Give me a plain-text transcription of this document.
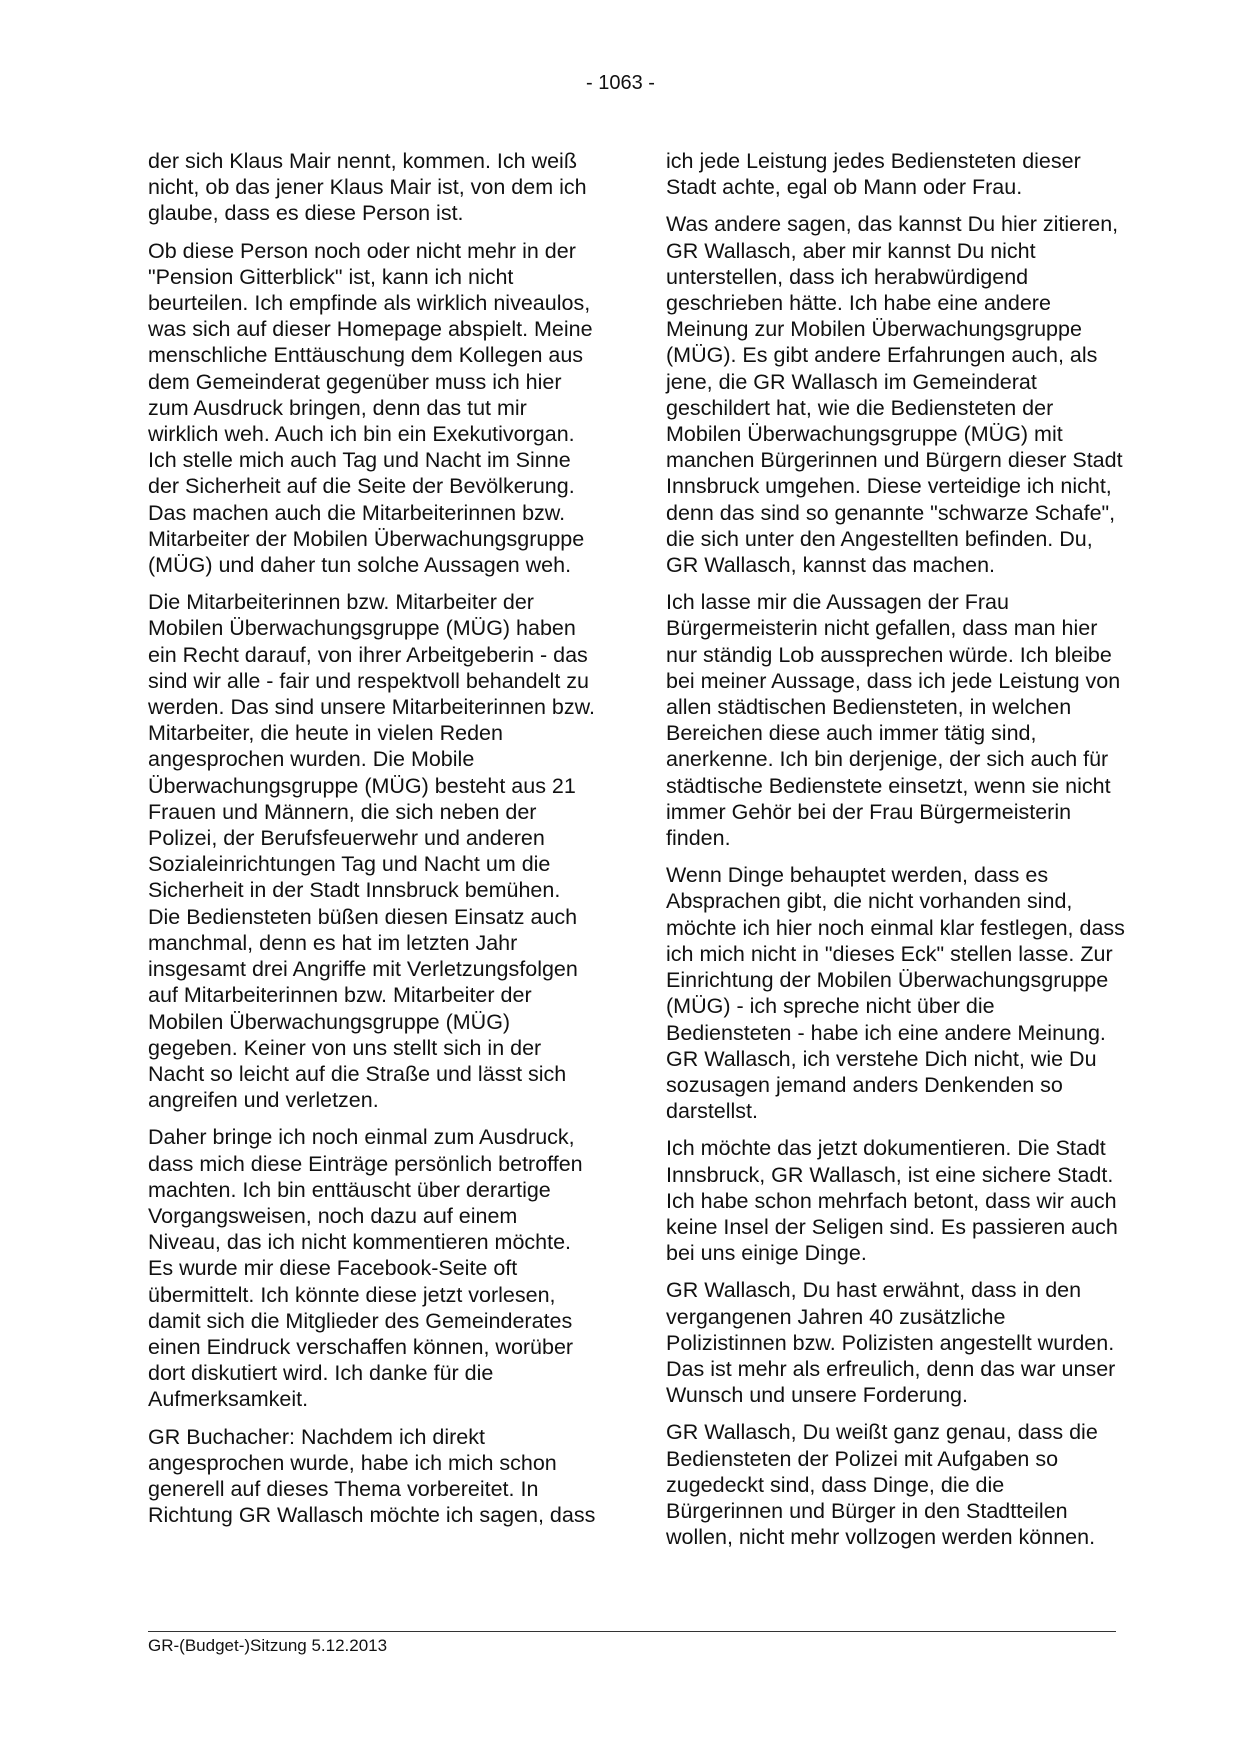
- 1063 -

der sich Klaus Mair nennt, kommen. Ich weiß nicht, ob das jener Klaus Mair ist, von dem ich glaube, dass es diese Person ist.

Ob diese Person noch oder nicht mehr in der "Pension Gitterblick" ist, kann ich nicht beurteilen. Ich empfinde als wirklich niveaulos, was sich auf dieser Homepage abspielt. Meine menschliche Enttäuschung dem Kollegen aus dem Gemeinderat gegenüber muss ich hier zum Ausdruck bringen, denn das tut mir wirklich weh. Auch ich bin ein Exekutivorgan. Ich stelle mich auch Tag und Nacht im Sinne der Sicherheit auf die Seite der Bevölkerung. Das machen auch die Mitarbeiterinnen bzw. Mitarbeiter der Mobilen Überwachungsgruppe (MÜG) und daher tun solche Aussagen weh.

Die Mitarbeiterinnen bzw. Mitarbeiter der Mobilen Überwachungsgruppe (MÜG) haben ein Recht darauf, von ihrer Arbeitgeberin - das sind wir alle - fair und respektvoll behandelt zu werden. Das sind unsere Mitarbeiterinnen bzw. Mitarbeiter, die heute in vielen Reden angesprochen wurden. Die Mobile Überwachungsgruppe (MÜG) besteht aus 21 Frauen und Männern, die sich neben der Polizei, der Berufsfeuerwehr und anderen Sozialeinrichtungen Tag und Nacht um die Sicherheit in der Stadt Innsbruck bemühen. Die Bediensteten büßen diesen Einsatz auch manchmal, denn es hat im letzten Jahr insgesamt drei Angriffe mit Verletzungsfolgen auf Mitarbeiterinnen bzw. Mitarbeiter der Mobilen Überwachungsgruppe (MÜG) gegeben. Keiner von uns stellt sich in der Nacht so leicht auf die Straße und lässt sich angreifen und verletzen.

Daher bringe ich noch einmal zum Ausdruck, dass mich diese Einträge persönlich betroffen machten. Ich bin enttäuscht über derartige Vorgangsweisen, noch dazu auf einem Niveau, das ich nicht kommentieren möchte. Es wurde mir diese Facebook-Seite oft übermittelt. Ich könnte diese jetzt vorlesen, damit sich die Mitglieder des Gemeinderates einen Eindruck verschaffen können, worüber dort diskutiert wird. Ich danke für die Aufmerksamkeit.

GR Buchacher: Nachdem ich direkt angesprochen wurde, habe ich mich schon generell auf dieses Thema vorbereitet. In Richtung GR Wallasch möchte ich sagen, dass

ich jede Leistung jedes Bediensteten dieser Stadt achte, egal ob Mann oder Frau.

Was andere sagen, das kannst Du hier zitieren, GR Wallasch, aber mir kannst Du nicht unterstellen, dass ich herabwürdigend geschrieben hätte. Ich habe eine andere Meinung zur Mobilen Überwachungsgruppe (MÜG). Es gibt andere Erfahrungen auch, als jene, die GR Wallasch im Gemeinderat geschildert hat, wie die Bediensteten der Mobilen Überwachungsgruppe (MÜG) mit manchen Bürgerinnen und Bürgern dieser Stadt Innsbruck umgehen. Diese verteidige ich nicht, denn das sind so genannte "schwarze Schafe", die sich unter den Angestellten befinden. Du, GR Wallasch, kannst das machen.

Ich lasse mir die Aussagen der Frau Bürgermeisterin nicht gefallen, dass man hier nur ständig Lob aussprechen würde. Ich bleibe bei meiner Aussage, dass ich jede Leistung von allen städtischen Bediensteten, in welchen Bereichen diese auch immer tätig sind, anerkenne. Ich bin derjenige, der sich auch für städtische Bedienstete einsetzt, wenn sie nicht immer Gehör bei der Frau Bürgermeisterin finden.

Wenn Dinge behauptet werden, dass es Absprachen gibt, die nicht vorhanden sind, möchte ich hier noch einmal klar festlegen, dass ich mich nicht in "dieses Eck" stellen lasse. Zur Einrichtung der Mobilen Überwachungsgruppe (MÜG) - ich spreche nicht über die Bediensteten - habe ich eine andere Meinung. GR Wallasch, ich verstehe Dich nicht, wie Du sozusagen jemand anders Denkenden so darstellst.

Ich möchte das jetzt dokumentieren. Die Stadt Innsbruck, GR Wallasch, ist eine sichere Stadt. Ich habe schon mehrfach betont, dass wir auch keine Insel der Seligen sind. Es passieren auch bei uns einige Dinge.

GR Wallasch, Du hast erwähnt, dass in den vergangenen Jahren 40 zusätzliche Polizistinnen bzw. Polizisten angestellt wurden. Das ist mehr als erfreulich, denn das war unser Wunsch und unsere Forderung.

GR Wallasch, Du weißt ganz genau, dass die Bediensteten der Polizei mit Aufgaben so zugedeckt sind, dass Dinge, die die Bürgerinnen und Bürger in den Stadtteilen wollen, nicht mehr vollzogen werden können.

GR-(Budget-)Sitzung 5.12.2013
